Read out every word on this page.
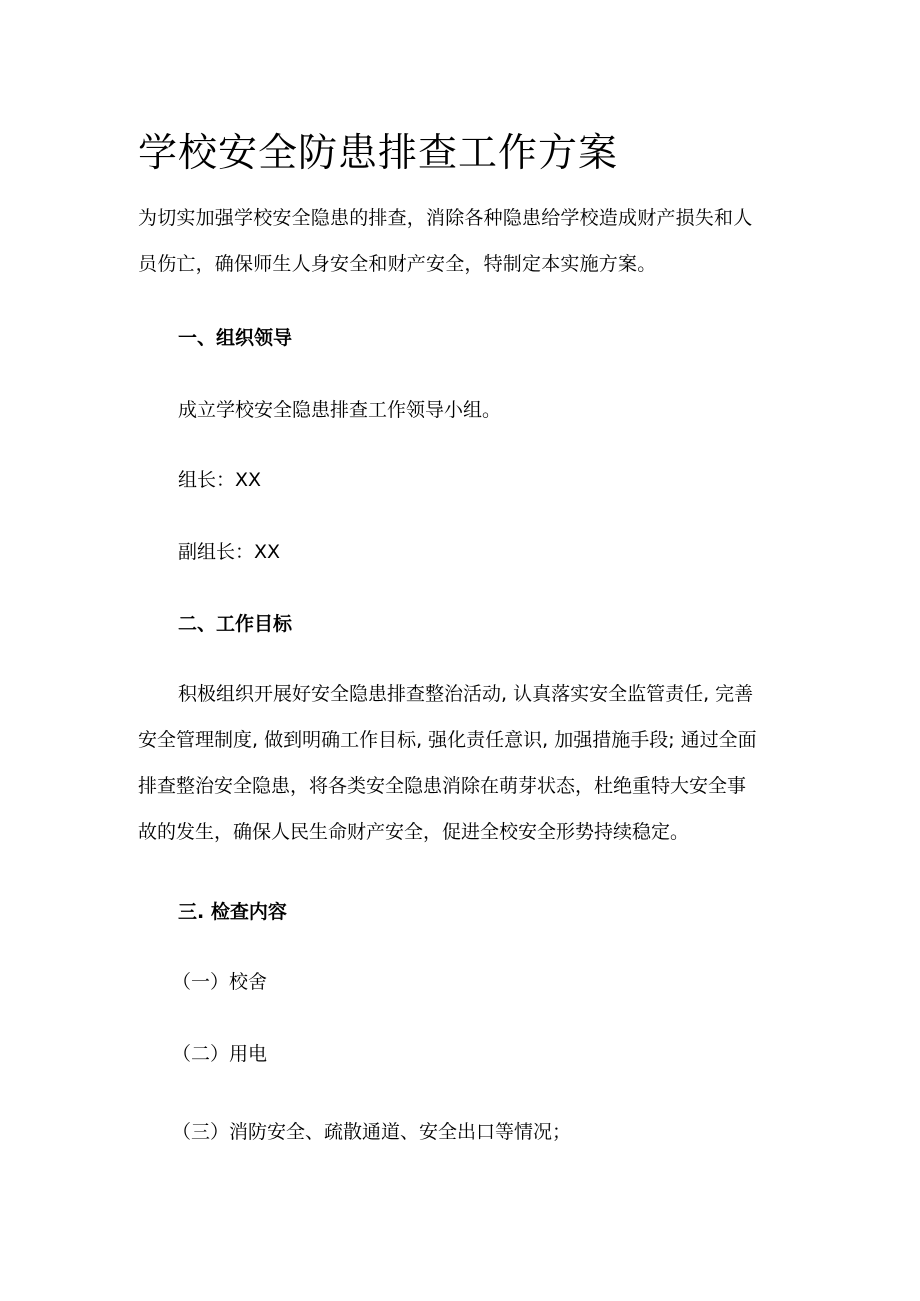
学校安全防患排查工作方案

为切实加强学校安全隐患的排查，消除各种隐患给学校造成财产损失和人
员伤亡，确保师生人身安全和财产安全，特制定本实施方案。

一、组织领导

成立学校安全隐患排查工作领导小组。

组长：XX

副组长：XX

二、工作目标

积极组织开展好安全隐患排查整治活动, 认真落实安全监管责任, 完善
安全管理制度, 做到明确工作目标, 强化责任意识, 加强措施手段; 通过全面
排查整治安全隐患，将各类安全隐患消除在萌芽状态，杜绝重特大安全事
故的发生，确保人民生命财产安全，促进全校安全形势持续稳定。

三. 检查内容

（一）校舍

（二）用电

（三）消防安全、疏散通道、安全出口等情况；
